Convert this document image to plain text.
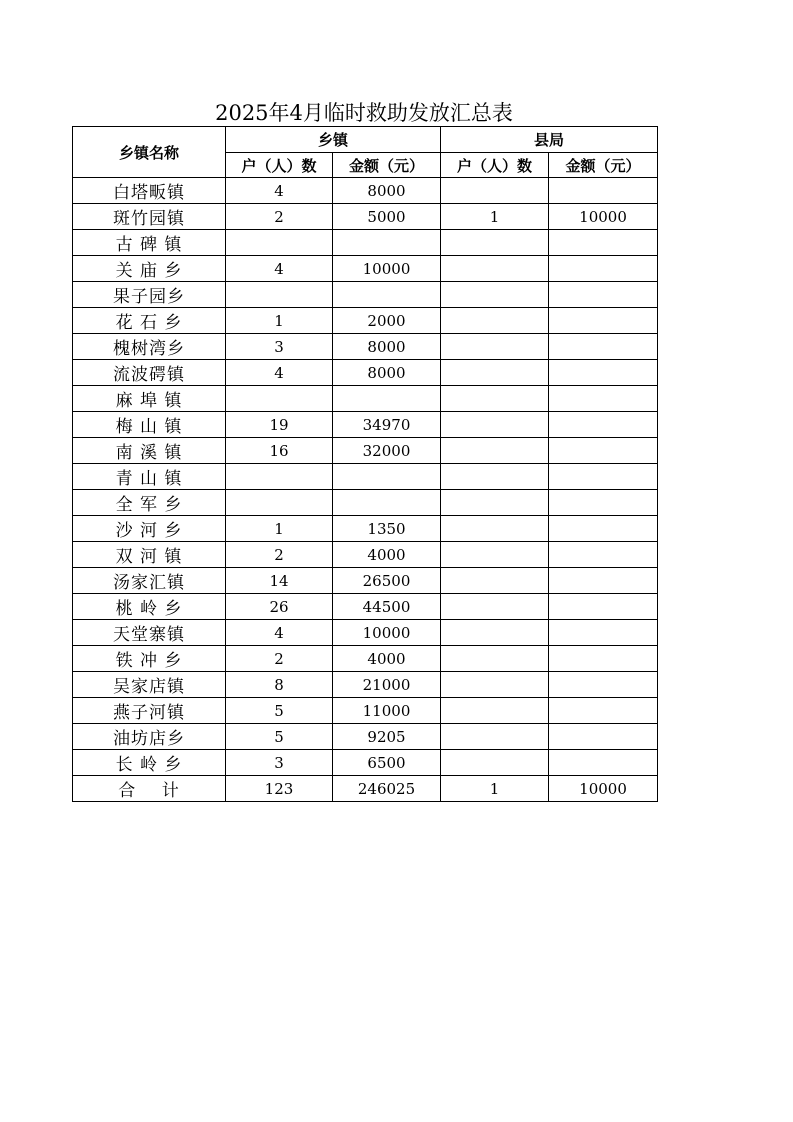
2025年4月临时救助发放汇总表
乡镇名称	乡镇		县局	
	户（人）数	金额（元）	户（人）数	金额（元）
白塔畈镇	4	8000		
斑竹园镇	2	5000	1	10000
古 碑 镇				
关 庙 乡	4	10000		
果子园乡				
花 石 乡	1	2000		
槐树湾乡	3	8000		
流波𥔲镇	4	8000		
麻 埠 镇				
梅 山 镇	19	34970		
南 溪 镇	16	32000		
青 山 镇				
全 军 乡				
沙 河 乡	1	1350		
双 河 镇	2	4000		
汤家汇镇	14	26500		
桃 岭 乡	26	44500		
天堂寨镇	4	10000		
铁 冲 乡	2	4000		
吴家店镇	8	21000		
燕子河镇	5	11000		
油坊店乡	5	9205		
长 岭 乡	3	6500		
合    计	123	246025	1	10000
